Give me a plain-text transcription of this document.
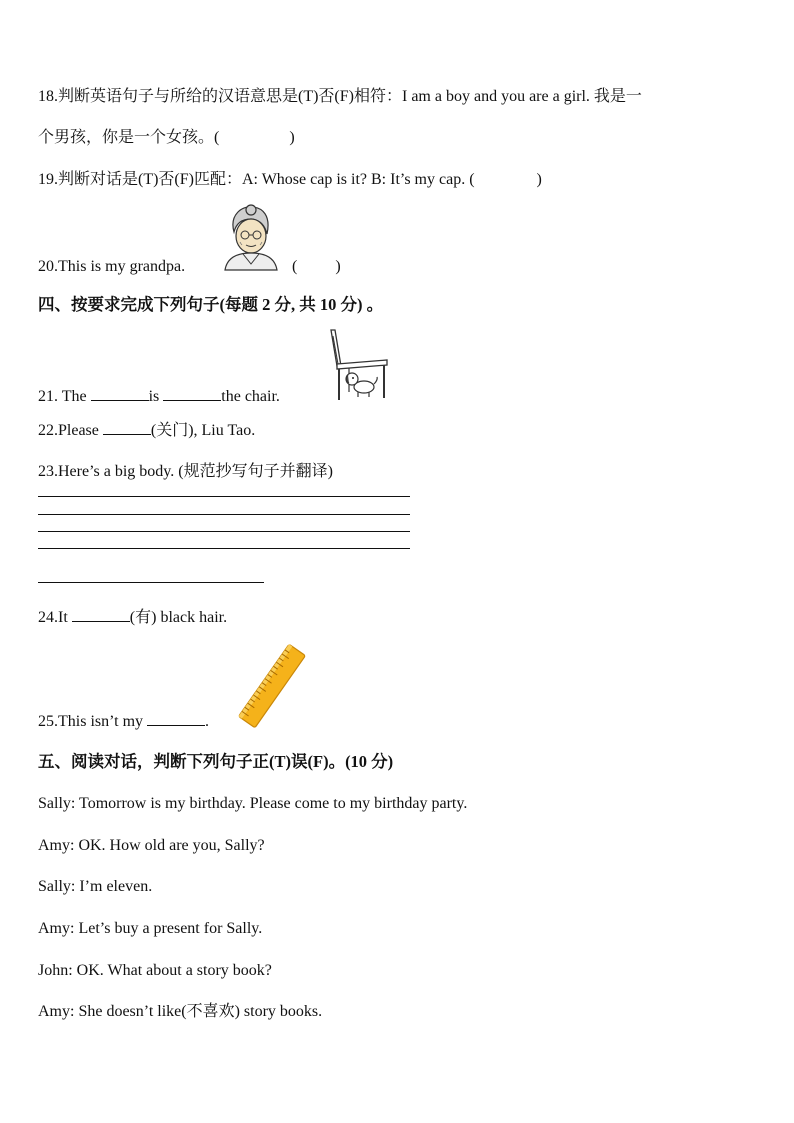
18.判断英语句子与所给的汉语意思是(T)否(F)相符：I am a boy and you are a girl. 我是一
个男孩，你是一个女孩。(	)
19.判断对话是(T)否(F)匹配：A: Whose cap is it? B: It’s my cap. (	)
20.This is my grandpa.	( )
四、按要求完成下列句子(每题 2 分, 共 10 分) 。
21. The	is	the chair.
22.Please	(关门), Liu Tao.
23.Here’s a big body. (规范抄写句子并翻译)
24.It	(有) black hair.
25.This isn’t my	.
五、阅读对话，判断下列句子正(T)误(F)。(10 分)
Sally: Tomorrow is my birthday. Please come to my birthday party.
Amy: OK. How old are you, Sally?
Sally: I’m eleven.
Amy: Let’s buy a present for Sally.
John: OK. What about a story book?
Amy: She doesn’t like(不喜欢) story books.
